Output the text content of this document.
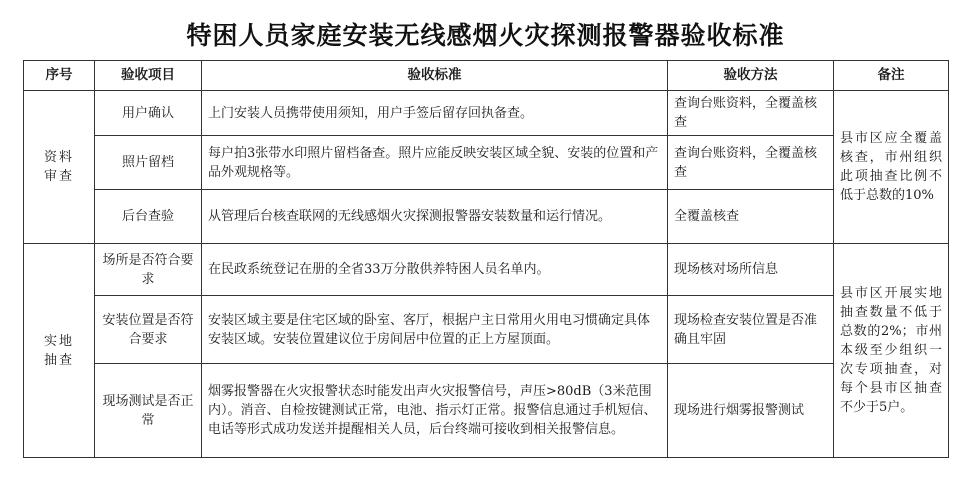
特困人员家庭安装无线感烟火灾探测报警器验收标准
序号	验收项目	验收标准	验收方法	备注

资料
审查	用户确认	上门安装人员携带使用须知，用户手签后留存回执备查。	查询台账资料，全覆盖核查	县市区应全覆盖核查，市州组织此项抽查比例不低于总数的10%
	照片留档	每户拍3张带水印照片留档备查。照片应能反映安装区域全貌、安装的位置和产品外观规格等。	查询台账资料，全覆盖核查	
	后台查验	从管理后台核查联网的无线感烟火灾探测报警器安装数量和运行情况。	全覆盖核查	

实地
抽查	场所是否符合要求	在民政系统登记在册的全省33万分散供养特困人员名单内。	现场核对场所信息	县市区开展实地抽查数量不低于总数的2%；市州本级至少组织一次专项抽查，对每个县市区抽查不少于5户。
	安装位置是否符合要求	安装区域主要是住宅区域的卧室、客厅，根据户主日常用火用电习惯确定具体安装区域。安装位置建议位于房间居中位置的正上方屋顶面。	现场检查安装位置是否准确且牢固	
	现场测试是否正常	烟雾报警器在火灾报警状态时能发出声火灾报警信号，声压>80dB（3米范围内）。消音、自检按键测试正常，电池、指示灯正常。报警信息通过手机短信、电话等形式成功发送并提醒相关人员，后台终端可接收到相关报警信息。	现场进行烟雾报警测试	
